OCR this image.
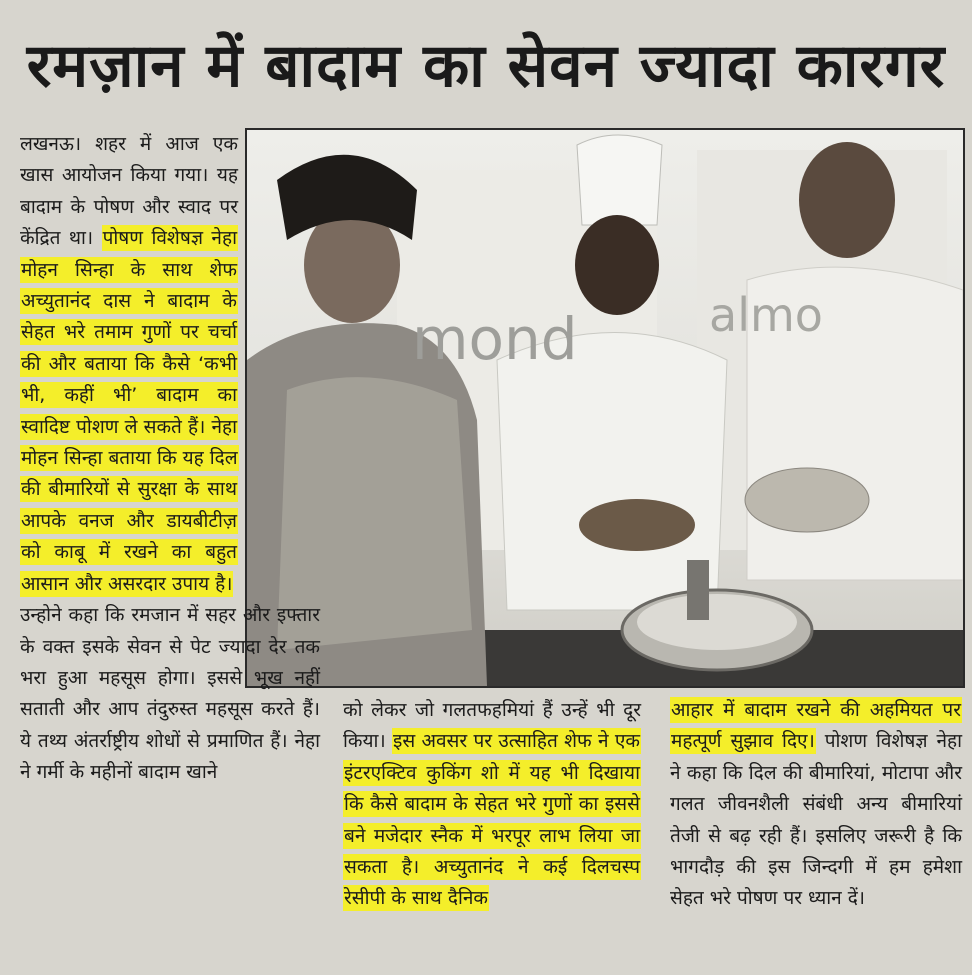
रमज़ान में बादाम का सेवन ज्यादा कारगर
mond	almo

लखनऊ। शहर में आज एक खास आयोजन किया गया। यह बादाम के पोषण और स्वाद पर केंद्रित था। पोषण विशेषज्ञ नेहा मोहन सिन्हा के साथ शेफ अच्युतानंद दास ने बादाम के सेहत भरे तमाम गुणों पर चर्चा की और बताया कि कैसे ‘कभी भी, कहीं भी’ बादाम का स्वादिष्ट पोशण ले सकते हैं। नेहा मोहन सिन्हा बताया कि यह दिल की बीमारियों से सुरक्षा के साथ आपके वनज और डायबीटीज़ को काबू में रखने का बहुत आसान और असरदार उपाय है।

उन्होने कहा कि रमजान में सहर और इफ्तार के वक्त इसके सेवन से पेट ज्यादा देर तक भरा हुआ महसूस होगा। इससे भूख नहीं सताती और आप तंदुरुस्त महसूस करते हैं। ये तथ्य अंतर्राष्ट्रीय शोधों से प्रमाणित हैं। नेहा ने गर्मी के महीनों बादाम खाने

को लेकर जो गलतफहमियां हैं उन्हें भी दूर किया। इस अवसर पर उत्साहित शेफ ने एक इंटरएक्टिव कुकिंग शो में यह भी दिखाया कि कैसे बादाम के सेहत भरे गुणों का इससे बने मजेदार स्नैक में भरपूर लाभ लिया जा सकता है। अच्युतानंद ने कई दिलचस्प रेसीपी के साथ दैनिक

आहार में बादाम रखने की अहमियत पर महत्पूर्ण सुझाव दिए। पोशण विशेषज्ञ नेहा ने कहा कि दिल की बीमारियां, मोटापा और गलत जीवनशैली संबंधी अन्य बीमारियां तेजी से बढ़ रही हैं। इसलिए जरूरी है कि भागदौड़ की इस जिन्दगी में हम हमेशा सेहत भरे पोषण पर ध्यान दें।
